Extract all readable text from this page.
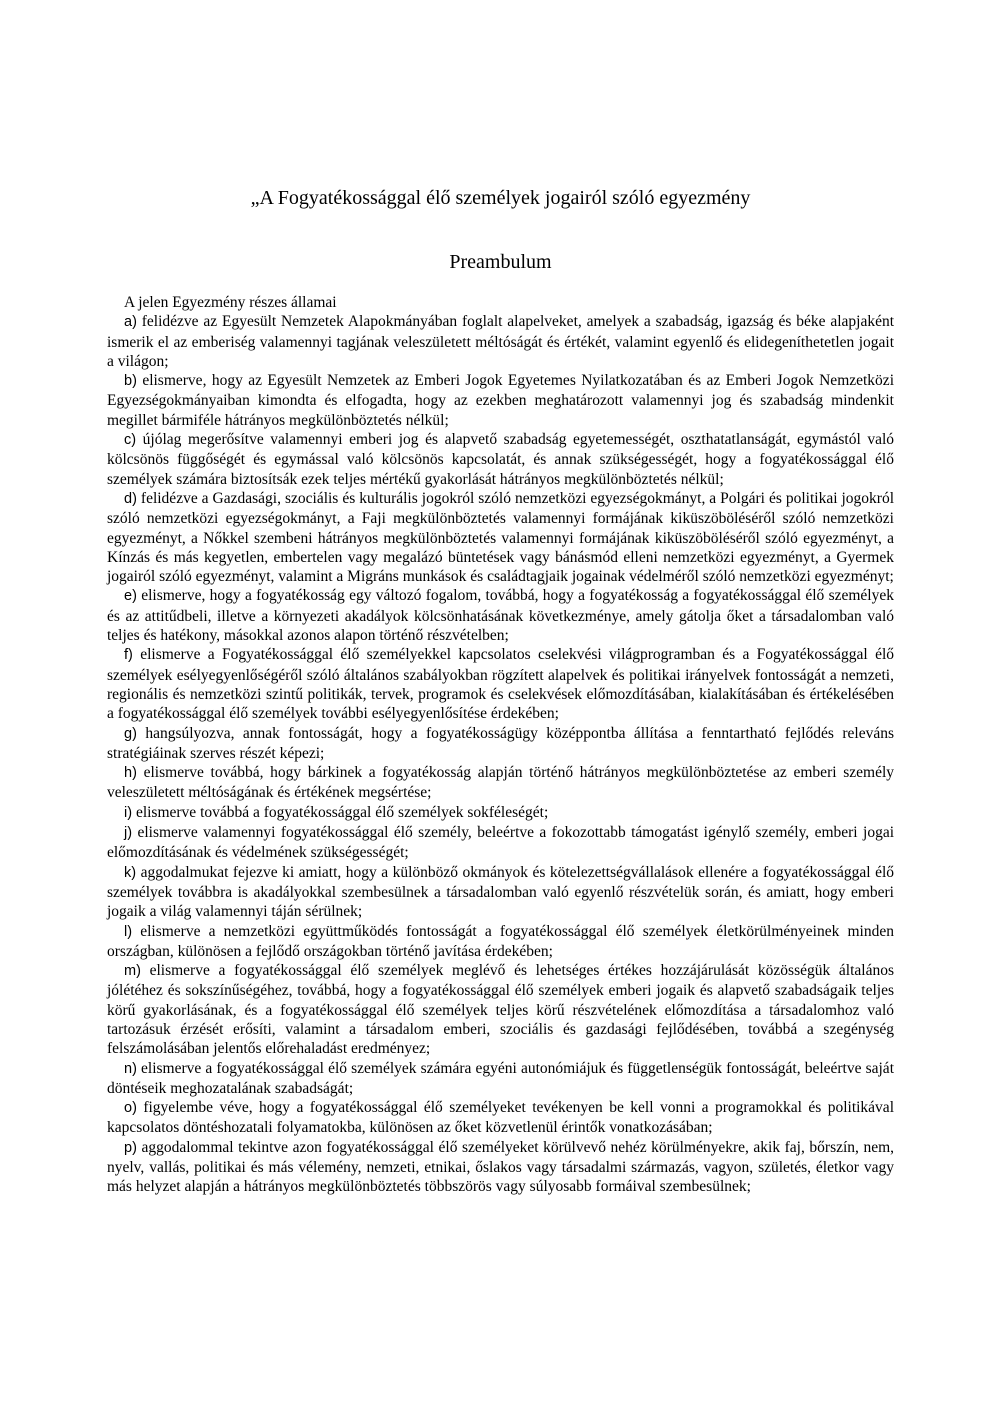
„A Fogyatékossággal élő személyek jogairól szóló egyezmény
Preambulum

A jelen Egyezmény részes államai

a) felidézve az Egyesült Nemzetek Alapokmányában foglalt alapelveket, amelyek a szabadság, igazság és béke alapjaként ismerik el az emberiség valamennyi tagjának veleszületett méltóságát és értékét, valamint egyenlő és elidegeníthetetlen jogait a világon;

b) elismerve, hogy az Egyesült Nemzetek az Emberi Jogok Egyetemes Nyilatkozatában és az Emberi Jogok Nemzetközi Egyezségokmányaiban kimondta és elfogadta, hogy az ezekben meghatározott valamennyi jog és szabadság mindenkit megillet bármiféle hátrányos megkülönböztetés nélkül;

c) újólag megerősítve valamennyi emberi jog és alapvető szabadság egyetemességét, oszthatatlanságát, egymástól való kölcsönös függőségét és egymással való kölcsönös kapcsolatát, és annak szükségességét, hogy a fogyatékossággal élő személyek számára biztosítsák ezek teljes mértékű gyakorlását hátrányos megkülönböztetés nélkül;

d) felidézve a Gazdasági, szociális és kulturális jogokról szóló nemzetközi egyezségokmányt, a Polgári és politikai jogokról szóló nemzetközi egyezségokmányt, a Faji megkülönböztetés valamennyi formájának kiküszöböléséről szóló nemzetközi egyezményt, a Nőkkel szembeni hátrányos megkülönböztetés valamennyi formájának kiküszöböléséről szóló egyezményt, a Kínzás és más kegyetlen, embertelen vagy megalázó büntetések vagy bánásmód elleni nemzetközi egyezményt, a Gyermek jogairól szóló egyezményt, valamint a Migráns munkások és családtagjaik jogainak védelméről szóló nemzetközi egyezményt;

e) elismerve, hogy a fogyatékosság egy változó fogalom, továbbá, hogy a fogyatékosság a fogyatékossággal élő személyek és az attitűdbeli, illetve a környezeti akadályok kölcsönhatásának következménye, amely gátolja őket a társadalomban való teljes és hatékony, másokkal azonos alapon történő részvételben;

f) elismerve a Fogyatékossággal élő személyekkel kapcsolatos cselekvési világprogramban és a Fogyatékossággal élő személyek esélyegyenlőségéről szóló általános szabályokban rögzített alapelvek és politikai irányelvek fontosságát a nemzeti, regionális és nemzetközi szintű politikák, tervek, programok és cselekvések előmozdításában, kialakításában és értékelésében a fogyatékossággal élő személyek további esélyegyenlősítése érdekében;

g) hangsúlyozva, annak fontosságát, hogy a fogyatékosságügy középpontba állítása a fenntartható fejlődés releváns stratégiáinak szerves részét képezi;

h) elismerve továbbá, hogy bárkinek a fogyatékosság alapján történő hátrányos megkülönböztetése az emberi személy veleszületett méltóságának és értékének megsértése;

i) elismerve továbbá a fogyatékossággal élő személyek sokféleségét;

j) elismerve valamennyi fogyatékossággal élő személy, beleértve a fokozottabb támogatást igénylő személy, emberi jogai előmozdításának és védelmének szükségességét;

k) aggodalmukat fejezve ki amiatt, hogy a különböző okmányok és kötelezettségvállalások ellenére a fogyatékossággal élő személyek továbbra is akadályokkal szembesülnek a társadalomban való egyenlő részvételük során, és amiatt, hogy emberi jogaik a világ valamennyi táján sérülnek;

l) elismerve a nemzetközi együttműködés fontosságát a fogyatékossággal élő személyek életkörülményeinek minden országban, különösen a fejlődő országokban történő javítása érdekében;

m) elismerve a fogyatékossággal élő személyek meglévő és lehetséges értékes hozzájárulását közösségük általános jólétéhez és sokszínűségéhez, továbbá, hogy a fogyatékossággal élő személyek emberi jogaik és alapvető szabadságaik teljes körű gyakorlásának, és a fogyatékossággal élő személyek teljes körű részvételének előmozdítása a társadalomhoz való tartozásuk érzését erősíti, valamint a társadalom emberi, szociális és gazdasági fejlődésében, továbbá a szegénység felszámolásában jelentős előrehaladást eredményez;

n) elismerve a fogyatékossággal élő személyek számára egyéni autonómiájuk és függetlenségük fontosságát, beleértve saját döntéseik meghozatalának szabadságát;

o) figyelembe véve, hogy a fogyatékossággal élő személyeket tevékenyen be kell vonni a programokkal és politikával kapcsolatos döntéshozatali folyamatokba, különösen az őket közvetlenül érintők vonatkozásában;

p) aggodalommal tekintve azon fogyatékossággal élő személyeket körülvevő nehéz körülményekre, akik faj, bőrszín, nem, nyelv, vallás, politikai és más vélemény, nemzeti, etnikai, őslakos vagy társadalmi származás, vagyon, születés, életkor vagy más helyzet alapján a hátrányos megkülönböztetés többszörös vagy súlyosabb formáival szembesülnek;
